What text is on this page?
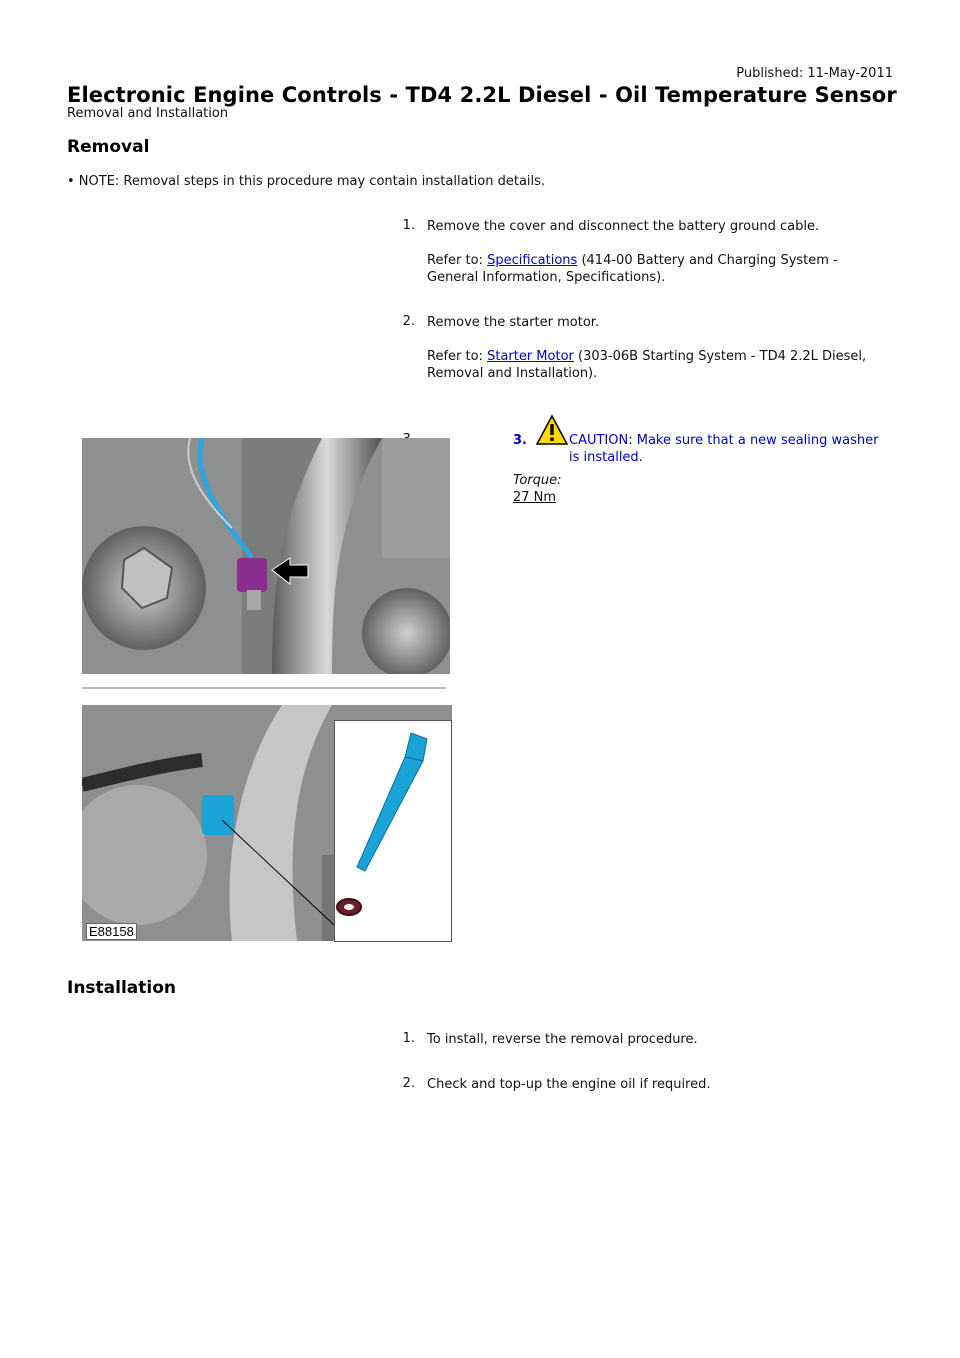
Published: 11-May-2011
Electronic Engine Controls - TD4 2.2L Diesel - Oil Temperature Sensor
Removal and Installation
Removal
• NOTE: Removal steps in this procedure may contain installation details.
1. Remove the cover and disconnect the battery ground cable.
Refer to: Specifications (414-00 Battery and Charging System - General Information, Specifications).
2. Remove the starter motor.
Refer to: Starter Motor (303-06B Starting System - TD4 2.2L Diesel, Removal and Installation).
3.	CAUTION: Make sure that a new sealing washer is installed.
Torque: 27 Nm
E88158
Installation
1. To install, reverse the removal procedure.
2. Check and top-up the engine oil if required.
